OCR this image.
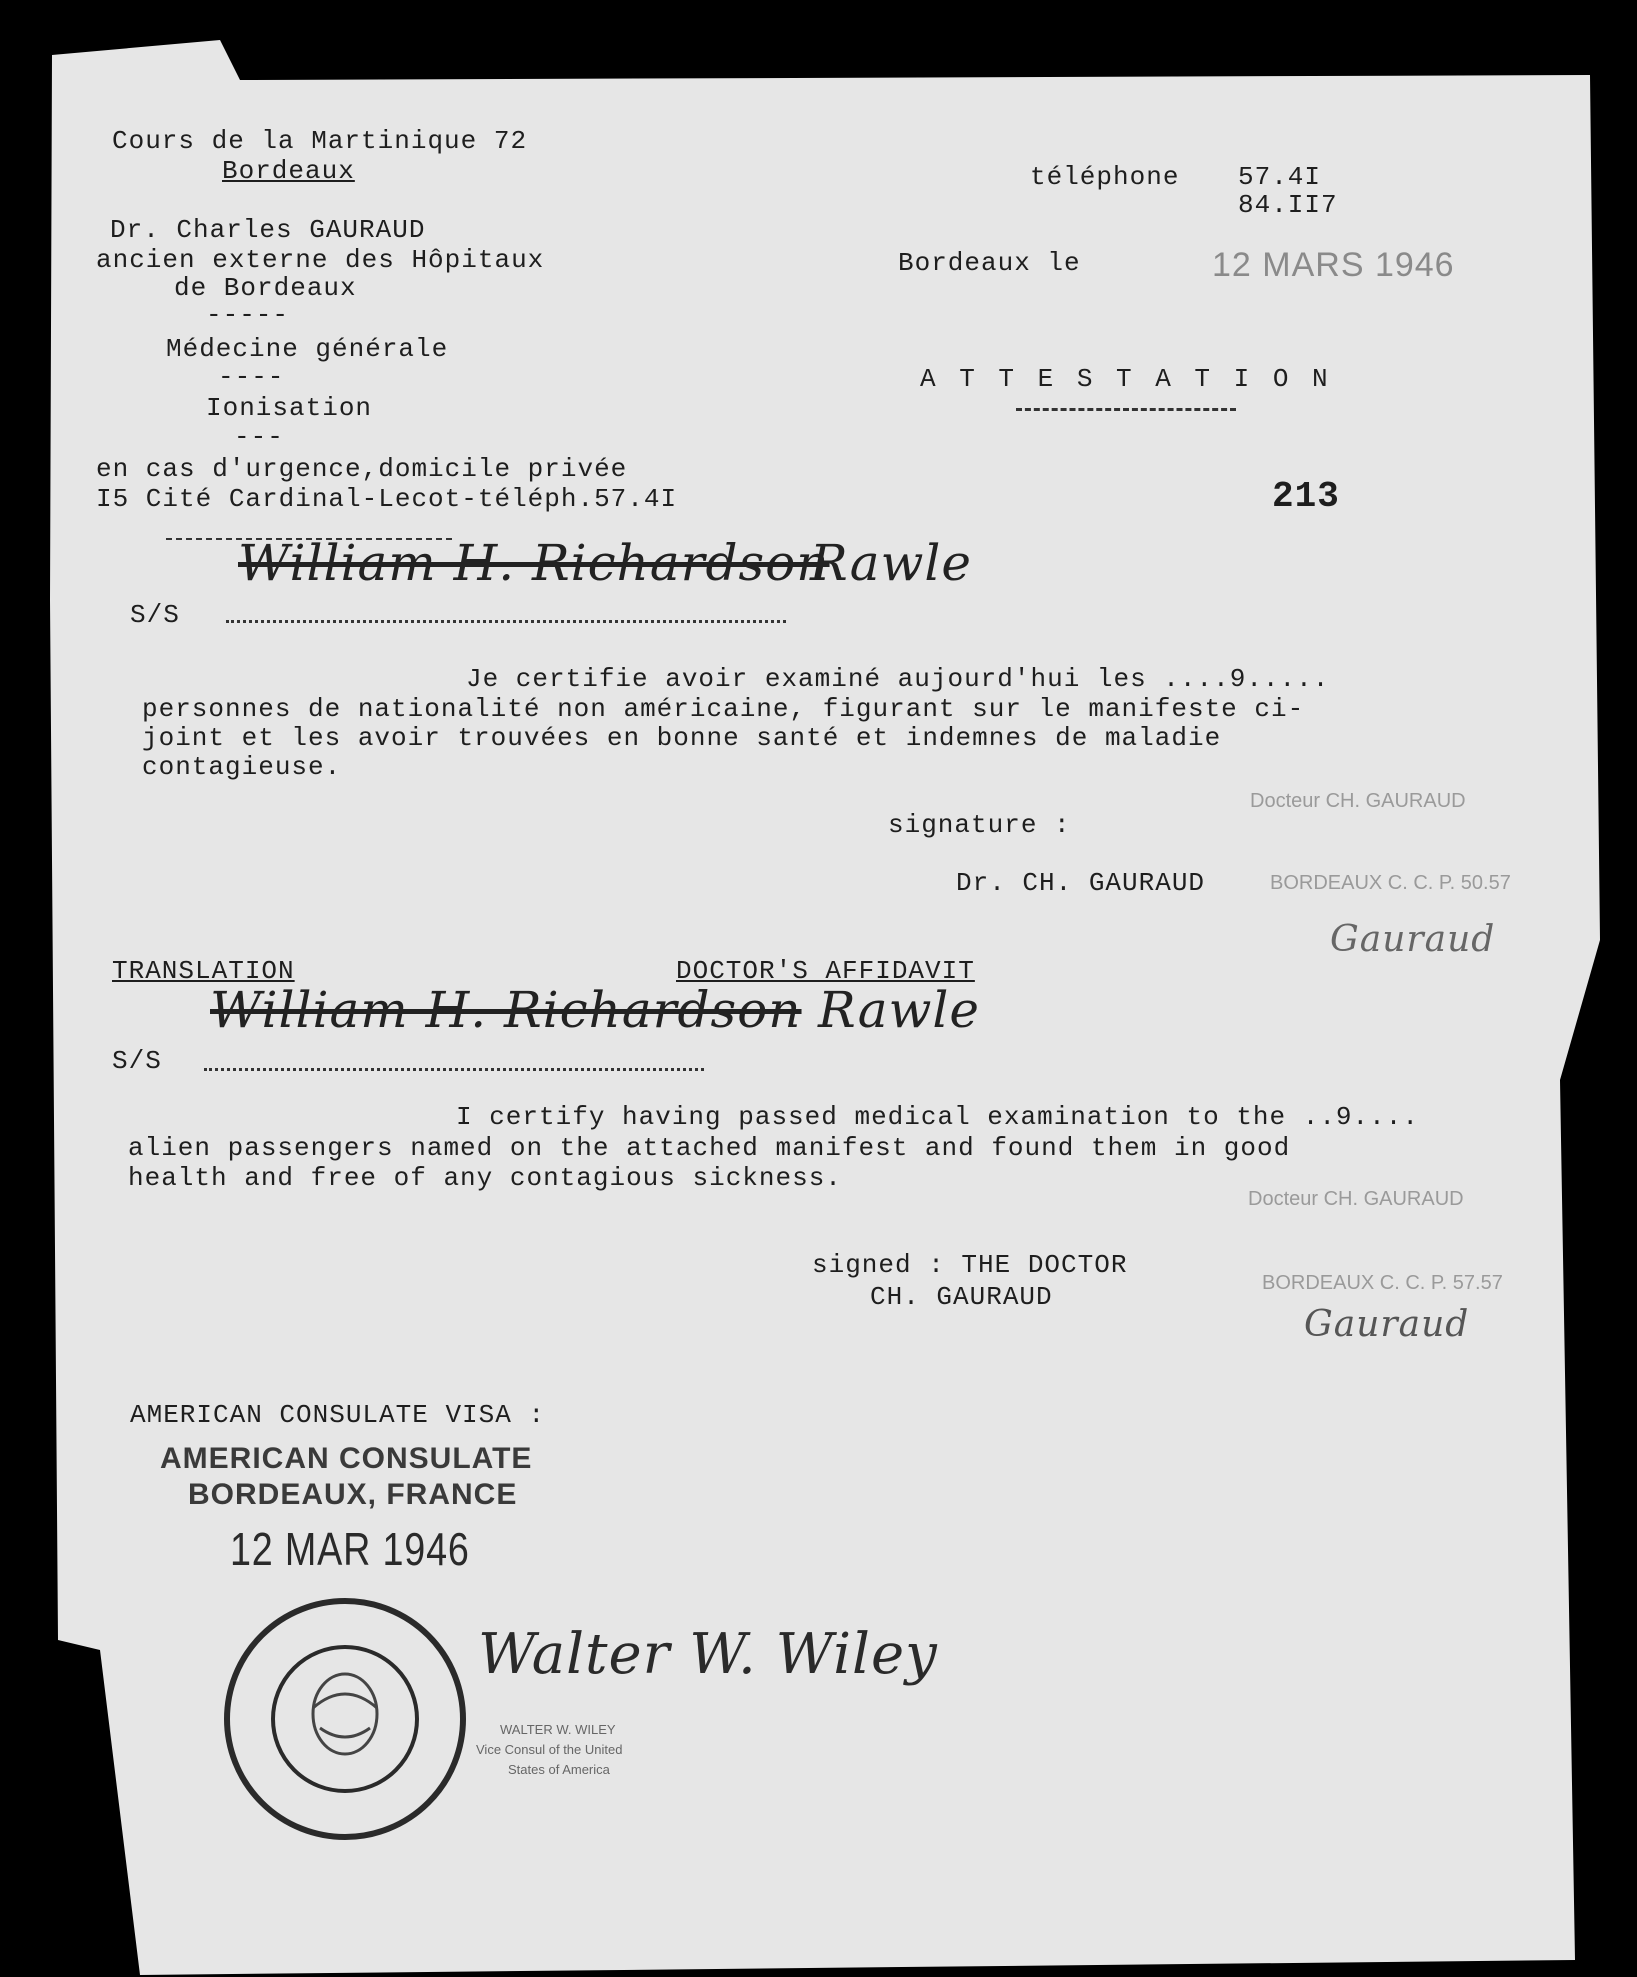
Cours de la Martinique 72
Bordeaux
Dr. Charles GAURAUD
ancien externe des Hôpitaux
de Bordeaux
-----
Médecine générale
----
Ionisation
---
en cas d'urgence,domicile privée
I5 Cité Cardinal-Lecot-téléph.57.4I
téléphone 57.4I
84.II7
Bordeaux le	12 MARS 1946
A T T E S T A T I O N
213
S/S
William H. Richardson
Rawle
Je certifie avoir examiné aujourd'hui les ....9.....
personnes de nationalité non américaine, figurant sur le manifeste ci-
joint et les avoir trouvées en bonne santé et indemnes de maladie
contagieuse.
signature :
Dr. CH. GAURAUD
Docteur CH. GAURAUD
BORDEAUX C. C. P. 50.57
Gauraud
TRANSLATION	DOCTOR'S AFFIDAVIT
S/S
William H. Richardson Rawle
I certify having passed medical examination to the ..9....
alien passengers named on the attached manifest and found them in good
health and free of any contagious sickness.
signed : THE DOCTOR
CH. GAURAUD
Docteur CH. GAURAUD
BORDEAUX C. C. P. 57.57
Gauraud
AMERICAN CONSULATE VISA :
AMERICAN CONSULATE
BORDEAUX, FRANCE
12 MAR 1946
Walter W. Wiley
WALTER W. WILEY
Vice Consul of the United
States of America
